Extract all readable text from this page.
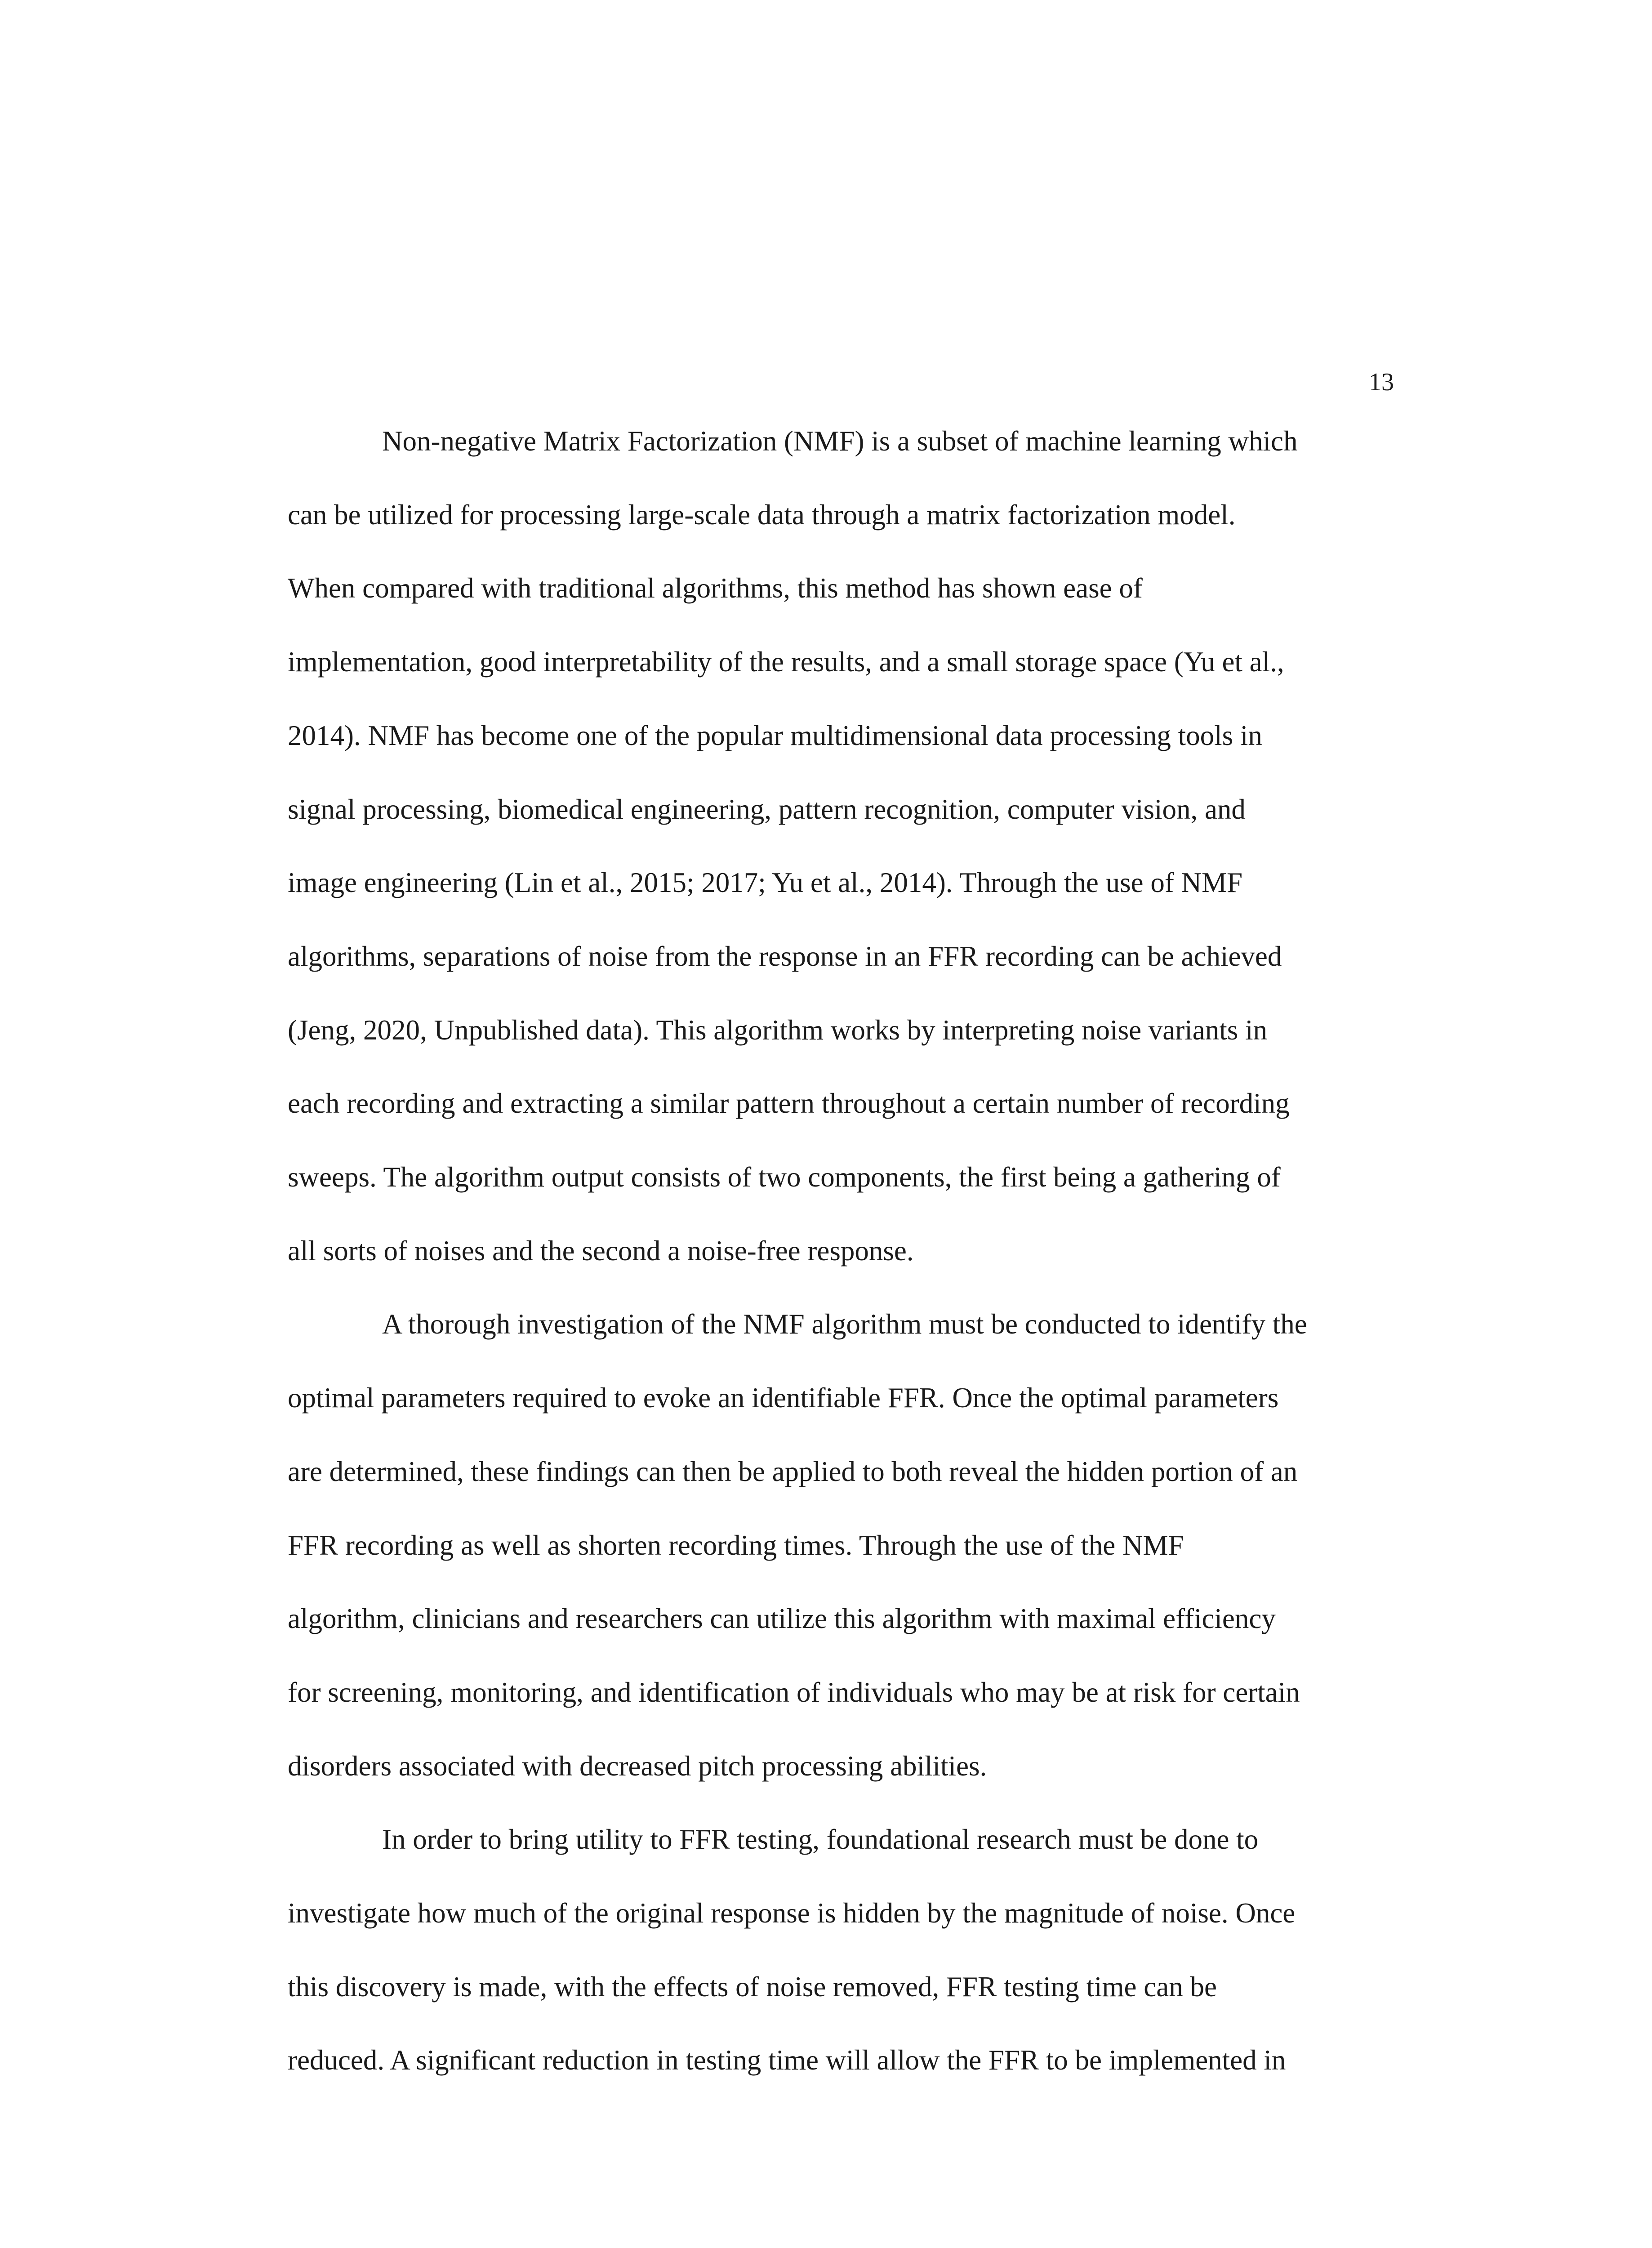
13

Non-negative Matrix Factorization (NMF) is a subset of machine learning which
can be utilized for processing large-scale data through a matrix factorization model.
When compared with traditional algorithms, this method has shown ease of
implementation, good interpretability of the results, and a small storage space (Yu et al.,
2014). NMF has become one of the popular multidimensional data processing tools in
signal processing, biomedical engineering, pattern recognition, computer vision, and
image engineering (Lin et al., 2015; 2017; Yu et al., 2014). Through the use of NMF
algorithms, separations of noise from the response in an FFR recording can be achieved
(Jeng, 2020, Unpublished data). This algorithm works by interpreting noise variants in
each recording and extracting a similar pattern throughout a certain number of recording
sweeps. The algorithm output consists of two components, the first being a gathering of
all sorts of noises and the second a noise-free response.

A thorough investigation of the NMF algorithm must be conducted to identify the
optimal parameters required to evoke an identifiable FFR. Once the optimal parameters
are determined, these findings can then be applied to both reveal the hidden portion of an
FFR recording as well as shorten recording times. Through the use of the NMF
algorithm, clinicians and researchers can utilize this algorithm with maximal efficiency
for screening, monitoring, and identification of individuals who may be at risk for certain
disorders associated with decreased pitch processing abilities.

In order to bring utility to FFR testing, foundational research must be done to
investigate how much of the original response is hidden by the magnitude of noise. Once
this discovery is made, with the effects of noise removed, FFR testing time can be
reduced. A significant reduction in testing time will allow the FFR to be implemented in
